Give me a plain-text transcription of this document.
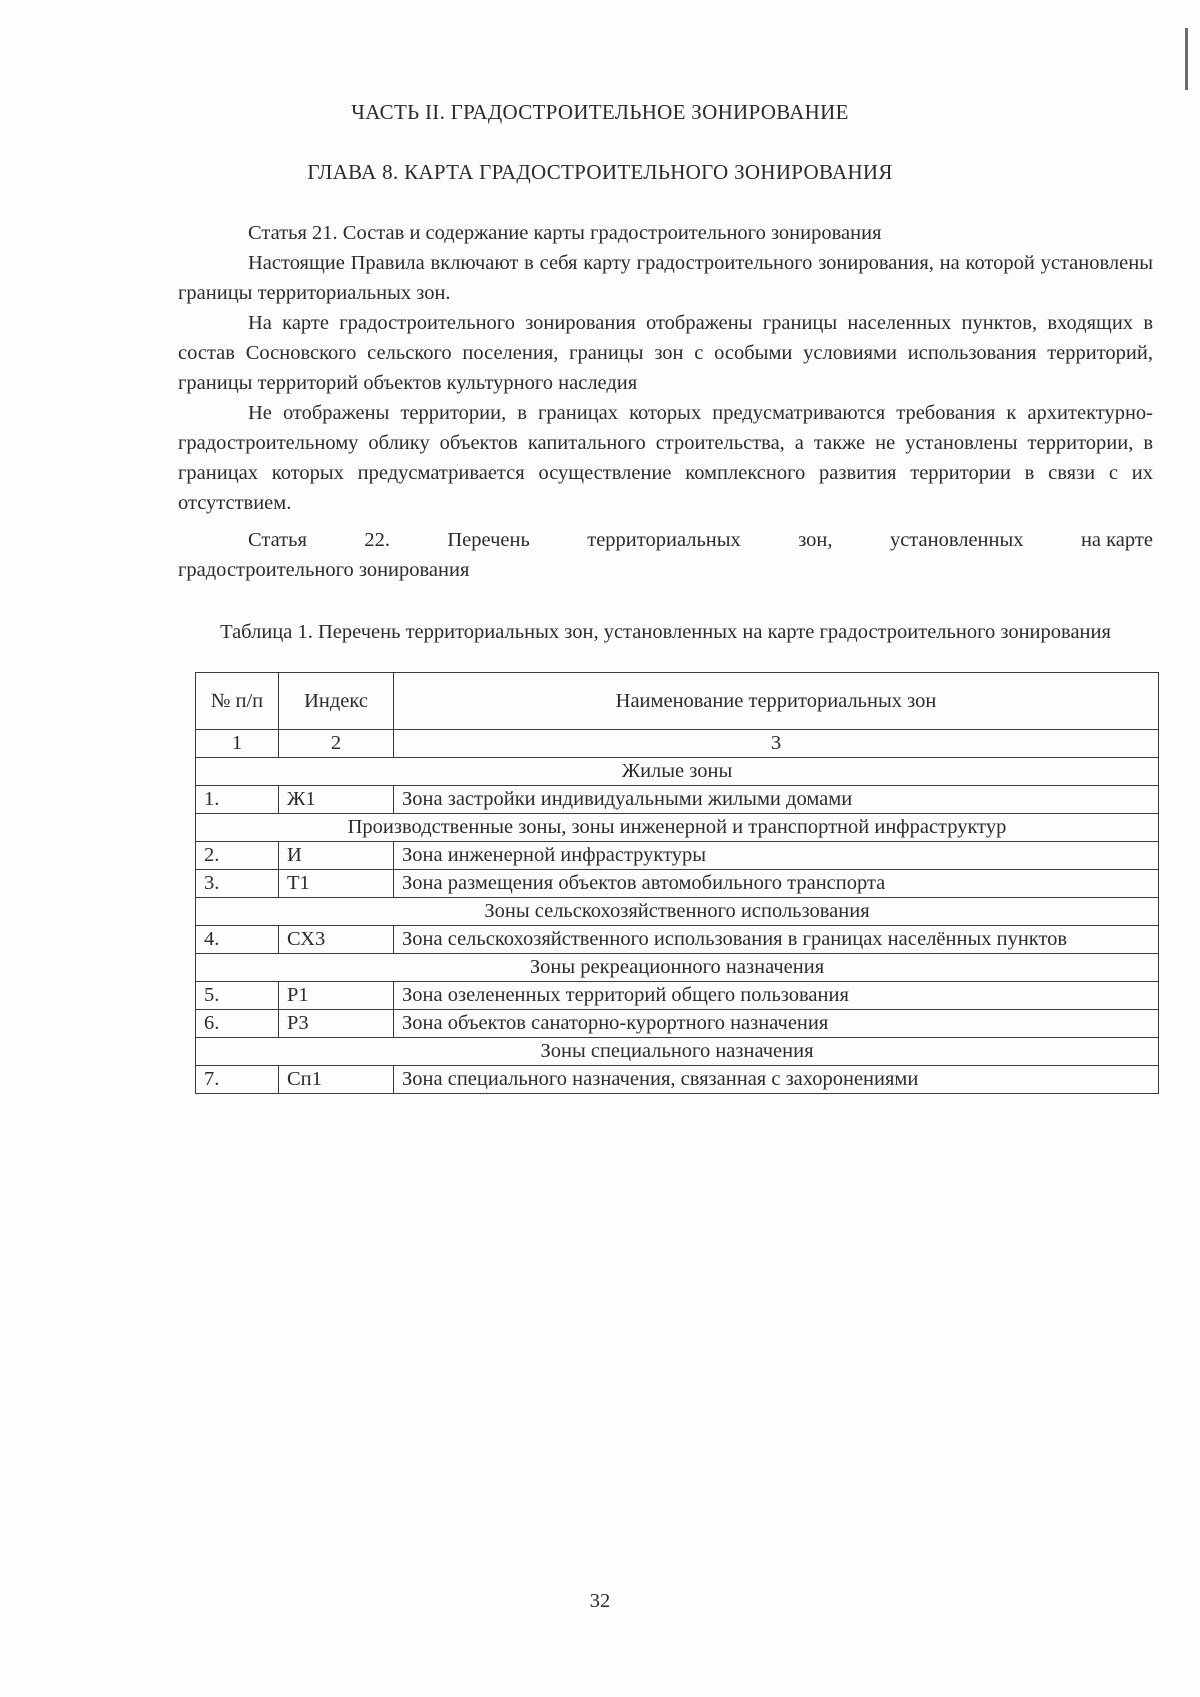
ЧАСТЬ II. ГРАДОСТРОИТЕЛЬНОЕ ЗОНИРОВАНИЕ
ГЛАВА 8. КАРТА ГРАДОСТРОИТЕЛЬНОГО ЗОНИРОВАНИЯ

Статья 21. Состав и содержание карты градостроительного зонирования

Настоящие Правила включают в себя карту градостроительного зонирования, на которой установлены границы территориальных зон.

На карте градостроительного зонирования отображены границы населенных пунктов, входящих в состав Сосновского сельского поселения, границы зон с особыми условиями использования территорий, границы территорий объектов культурного наследия

Не отображены территории, в границах которых предусматриваются требования к архитектурно-градостроительному облику объектов капитального строительства, а также не установлены территории, в границах которых предусматривается осуществление комплексного развития территории в связи с их отсутствием.

Статья	22.	Перечень	территориальных	зон,	установленных	на карте
градостроительного зонирования
Таблица 1. Перечень территориальных зон, установленных на карте градостроительного зонирования
№ п/п	Индекс	Наименование территориальных зон
1	2	3
Жилые зоны		
1.	Ж1	Зона застройки индивидуальными жилыми домами
Производственные зоны, зоны инженерной и транспортной инфраструктур		
2.	И	Зона инженерной инфраструктуры
3.	Т1	Зона размещения объектов автомобильного транспорта
Зоны сельскохозяйственного использования		
4.	СХ3	Зона сельскохозяйственного использования в границах населённых пунктов
Зоны рекреационного назначения		
5.	Р1	Зона озелененных территорий общего пользования
6.	Р3	Зона объектов санаторно-курортного назначения
Зоны специального назначения		
7.	Сп1	Зона специального назначения, связанная с захоронениями
32
